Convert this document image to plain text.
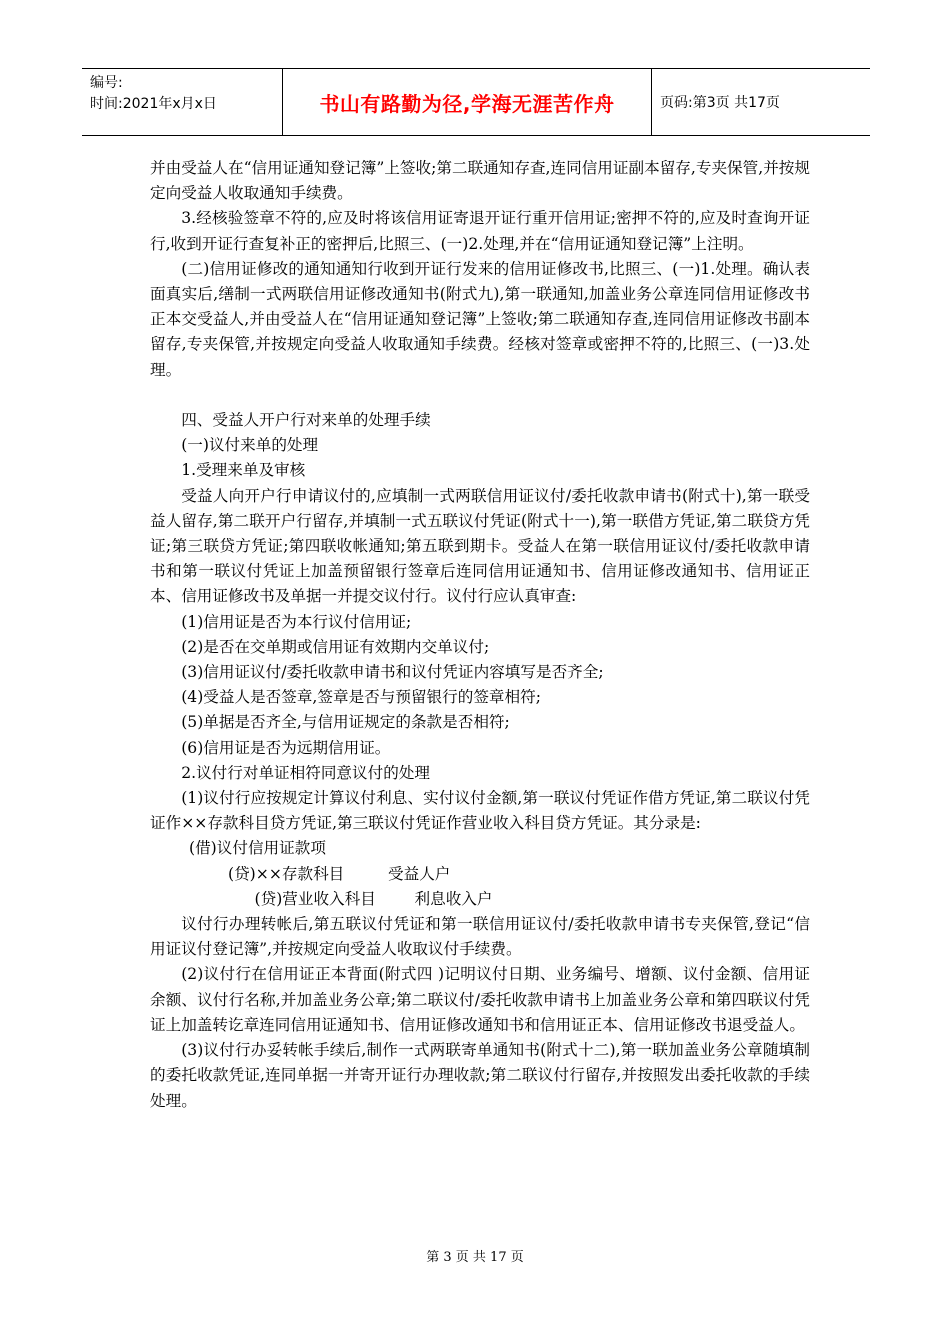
编号:
时间:2021年x月x日	书山有路勤为径,学海无涯苦作舟	页码:第3页 共17页

并由受益人在“信用证通知登记簿”上签收;第二联通知存查,连同信用证副本留存,专夹保管,并按规定向受益人收取通知手续费。

3.经核验签章不符的,应及时将该信用证寄退开证行重开信用证;密押不符的,应及时查询开证行,收到开证行查复补正的密押后,比照三、(一)2.处理,并在“信用证通知登记簿”上注明。

(二)信用证修改的通知通知行收到开证行发来的信用证修改书,比照三、(一)1.处理。确认表面真实后,缮制一式两联信用证修改通知书(附式九),第一联通知,加盖业务公章连同信用证修改书正本交受益人,并由受益人在“信用证通知登记簿”上签收;第二联通知存查,连同信用证修改书副本留存,专夹保管,并按规定向受益人收取通知手续费。经核对签章或密押不符的,比照三、(一)3.处理。

四、受益人开户行对来单的处理手续

(一)议付来单的处理

1.受理来单及审核

受益人向开户行申请议付的,应填制一式两联信用证议付/委托收款申请书(附式十),第一联受益人留存,第二联开户行留存,并填制一式五联议付凭证(附式十一),第一联借方凭证,第二联贷方凭证;第三联贷方凭证;第四联收帐通知;第五联到期卡。受益人在第一联信用证议付/委托收款申请书和第一联议付凭证上加盖预留银行签章后连同信用证通知书、信用证修改通知书、信用证正本、信用证修改书及单据一并提交议付行。议付行应认真审查:

(1)信用证是否为本行议付信用证;

(2)是否在交单期或信用证有效期内交单议付;

(3)信用证议付/委托收款申请书和议付凭证内容填写是否齐全;

(4)受益人是否签章,签章是否与预留银行的签章相符;

(5)单据是否齐全,与信用证规定的条款是否相符;

(6)信用证是否为远期信用证。

2.议付行对单证相符同意议付的处理

(1)议付行应按规定计算议付利息、实付议付金额,第一联议付凭证作借方凭证,第二联议付凭证作××存款科目贷方凭证,第三联议付凭证作营业收入科目贷方凭证。其分录是:

(借)议付信用证款项

(贷)××存款科目	受益人户

(贷)营业收入科目 利息收入户

议付行办理转帐后,第五联议付凭证和第一联信用证议付/委托收款申请书专夹保管,登记“信用证议付登记簿”,并按规定向受益人收取议付手续费。

(2)议付行在信用证正本背面(附式四 )记明议付日期、业务编号、增额、议付金额、信用证余额、议付行名称,并加盖业务公章;第二联议付/委托收款申请书上加盖业务公章和第四联议付凭证上加盖转讫章连同信用证通知书、信用证修改通知书和信用证正本、信用证修改书退受益人。

(3)议付行办妥转帐手续后,制作一式两联寄单通知书(附式十二),第一联加盖业务公章随填制的委托收款凭证,连同单据一并寄开证行办理收款;第二联议付行留存,并按照发出委托收款的手续处理。

第 3 页 共 17 页
